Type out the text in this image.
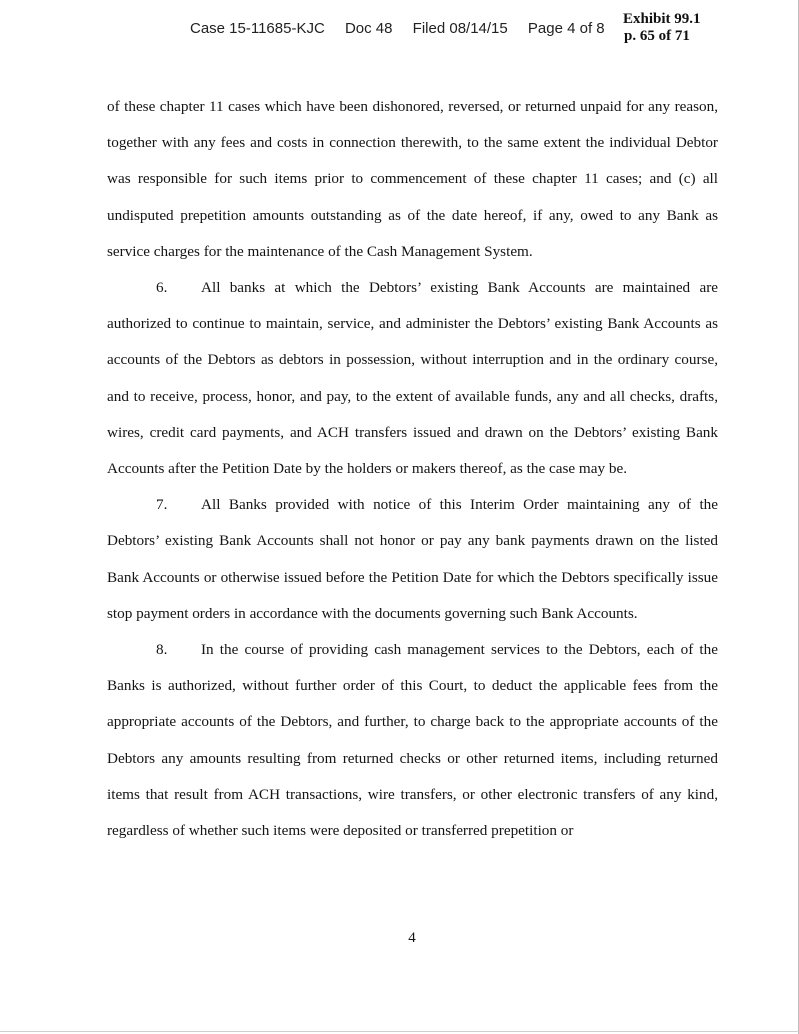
Case 15-11685-KJC Doc 48 Filed 08/14/15 Page 4 of 8
Exhibit 99.1
p. 65 of 71

of these chapter 11 cases which have been dishonored, reversed, or returned unpaid for any reason, together with any fees and costs in connection therewith, to the same extent the individual Debtor was responsible for such items prior to commencement of these chapter 11 cases; and (c) all undisputed prepetition amounts outstanding as of the date hereof, if any, owed to any Bank as service charges for the maintenance of the Cash Management System.

6. All banks at which the Debtors’ existing Bank Accounts are maintained are authorized to continue to maintain, service, and administer the Debtors’ existing Bank Accounts as accounts of the Debtors as debtors in possession, without interruption and in the ordinary course, and to receive, process, honor, and pay, to the extent of available funds, any and all checks, drafts, wires, credit card payments, and ACH transfers issued and drawn on the Debtors’ existing Bank Accounts after the Petition Date by the holders or makers thereof, as the case may be.

7. All Banks provided with notice of this Interim Order maintaining any of the Debtors’ existing Bank Accounts shall not honor or pay any bank payments drawn on the listed Bank Accounts or otherwise issued before the Petition Date for which the Debtors specifically issue stop payment orders in accordance with the documents governing such Bank Accounts.

8. In the course of providing cash management services to the Debtors, each of the Banks is authorized, without further order of this Court, to deduct the applicable fees from the appropriate accounts of the Debtors, and further, to charge back to the appropriate accounts of the Debtors any amounts resulting from returned checks or other returned items, including returned items that result from ACH transactions, wire transfers, or other electronic transfers of any kind, regardless of whether such items were deposited or transferred prepetition or

4
